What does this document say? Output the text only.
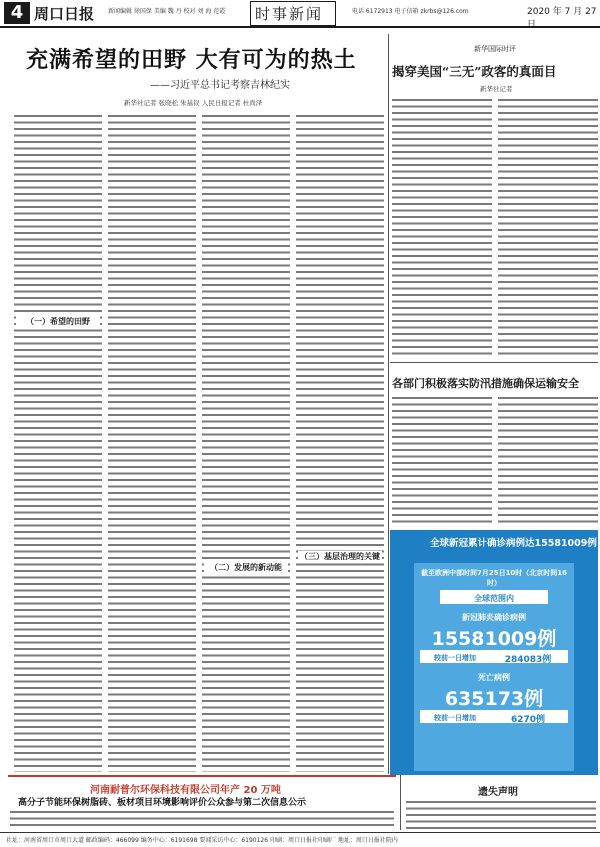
4 周口日报 新闻编辑 徐国保 美编 魏 丹 校对 刘 海 范霞 时事新闻	电话 6172913 电子信箱 zkrbs@126.com	2020 年 7 月 27 日
充满希望的田野 大有可为的热土
——习近平总书记考察吉林纪实
新华社记者 张晓松 朱基钗 人民日报记者 杜尚泽
（一）希望的田野
（二）发展的新动能
（三）基层治理的关键
新华国际时评
揭穿美国“三无”政客的真面目
新华社记者
各部门积极落实防汛措施确保运输安全
全球新冠累计确诊病例达15581009例
截至欧洲中部时间7月25日10时（北京时间16时）
全球范围内
新冠肺炎确诊病例
15581009例
较前一日增加	284083例
死亡病例
635173例
较前一日增加	6270例
河南耐普尔环保科技有限公司年产 20 万吨
高分子节能环保树脂砖、板材项目环境影响评价公众参与第二次信息公示
遗失声明
社址：河南省周口市周口大道 邮政编码：466099 编务中心：6191698 要闻采访中心：6190126 印刷：周口日报社印刷厂 地址：周口日报社院内
